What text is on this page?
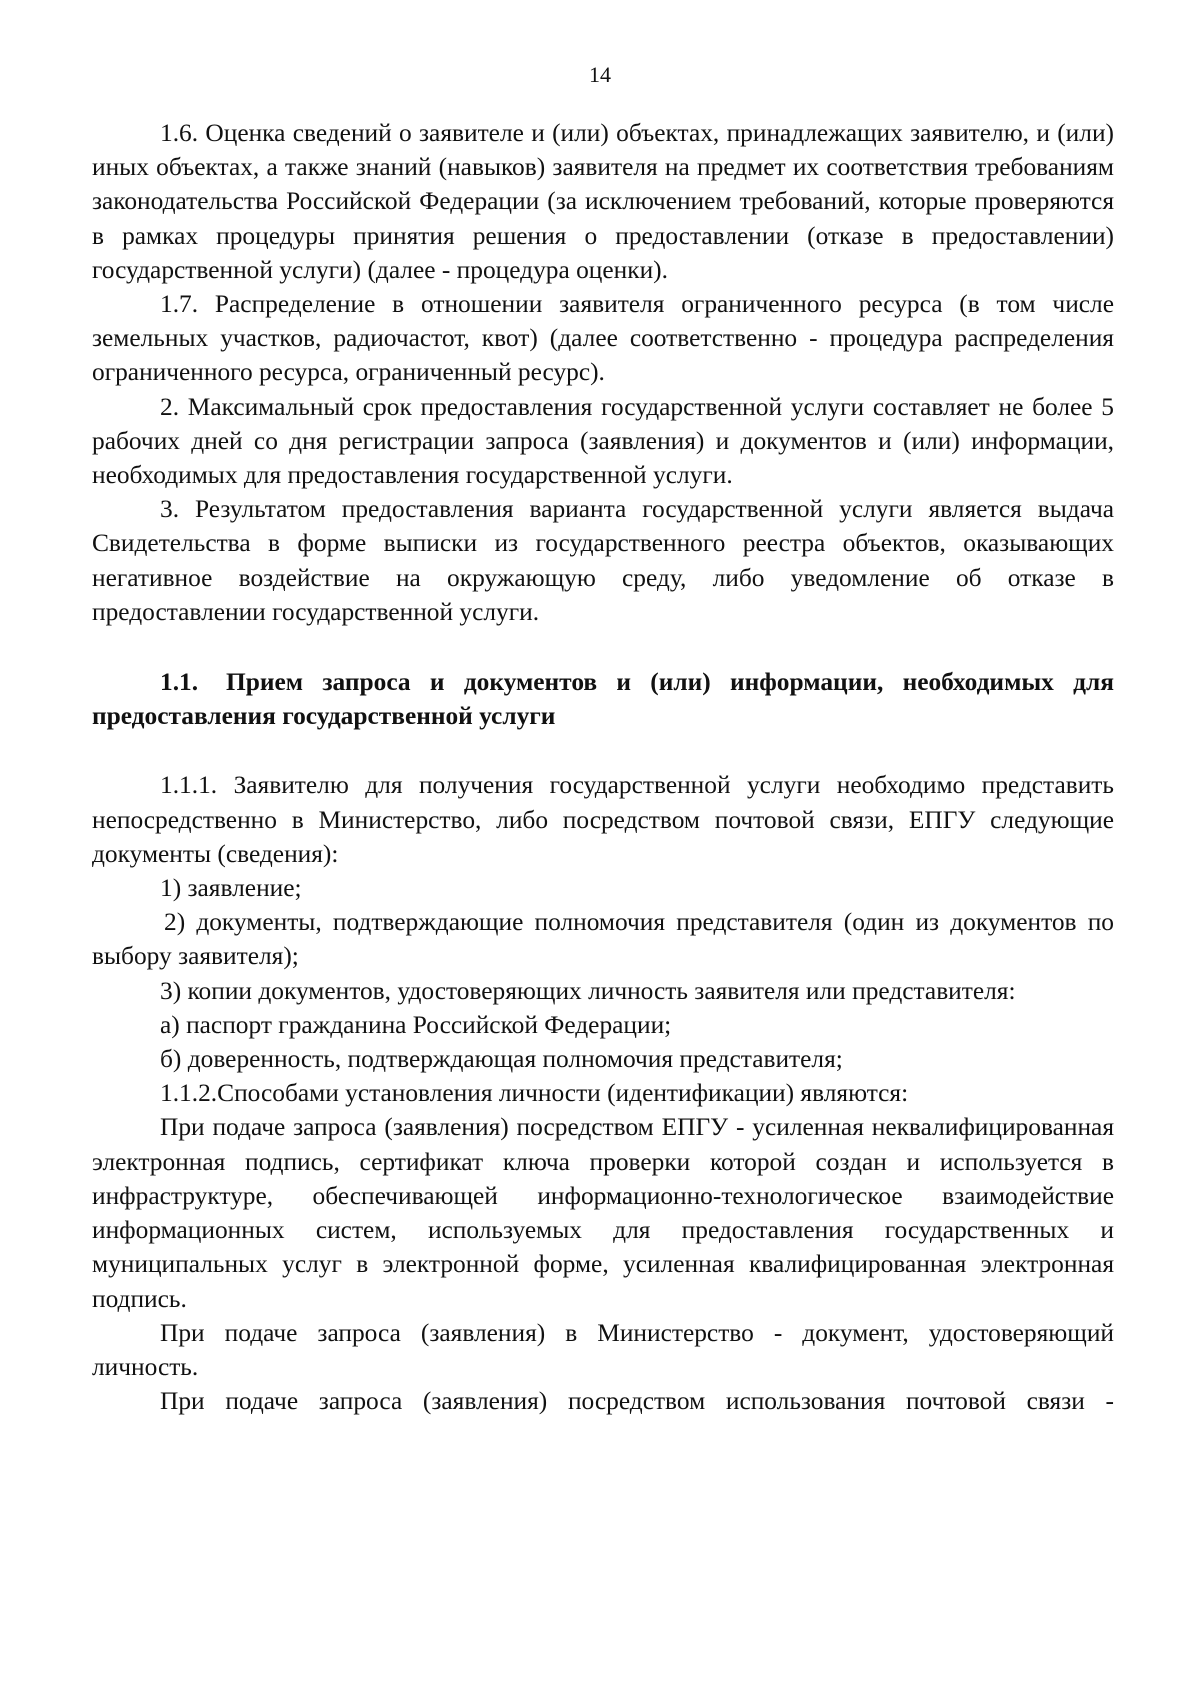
14

1.6. Оценка сведений о заявителе и (или) объектах, принадлежащих заявителю, и (или) иных объектах, а также знаний (навыков) заявителя на предмет их соответствия требованиям законодательства Российской Федерации (за исключением требований, которые проверяются в рамках процедуры принятия решения о предоставлении (отказе в предоставлении) государственной услуги) (далее - процедура оценки).

1.7. Распределение в отношении заявителя ограниченного ресурса (в том числе земельных участков, радиочастот, квот) (далее соответственно - процедура распределения ограниченного ресурса, ограниченный ресурс).

2. Максимальный срок предоставления государственной услуги составляет не более 5 рабочих дней со дня регистрации запроса (заявления) и документов и (или) информации, необходимых для предоставления государственной услуги.

3. Результатом предоставления варианта государственной услуги является выдача Свидетельства в форме выписки из государственного реестра объектов, оказывающих негативное воздействие на окружающую среду, либо уведомление об отказе в предоставлении государственной услуги.

1.1. Прием запроса и документов и (или) информации, необходимых для предоставления государственной услуги

1.1.1. Заявителю для получения государственной услуги необходимо представить непосредственно в Министерство, либо посредством почтовой связи, ЕПГУ следующие документы (сведения):

1) заявление;

2) документы, подтверждающие полномочия представителя (один из документов по выбору заявителя);

3) копии документов, удостоверяющих личность заявителя или представителя:

а) паспорт гражданина Российской Федерации;

б) доверенность, подтверждающая полномочия представителя;

1.1.2.Способами установления личности (идентификации) являются:

При подаче запроса (заявления) посредством ЕПГУ - усиленная неквалифицированная электронная подпись, сертификат ключа проверки которой создан и используется в инфраструктуре, обеспечивающей информационно-технологическое взаимодействие информационных систем, используемых для предоставления государственных и муниципальных услуг в электронной форме, усиленная квалифицированная электронная подпись.

При подаче запроса (заявления) в Министерство - документ, удостоверяющий личность.

При подаче запроса (заявления) посредством использования почтовой связи -
